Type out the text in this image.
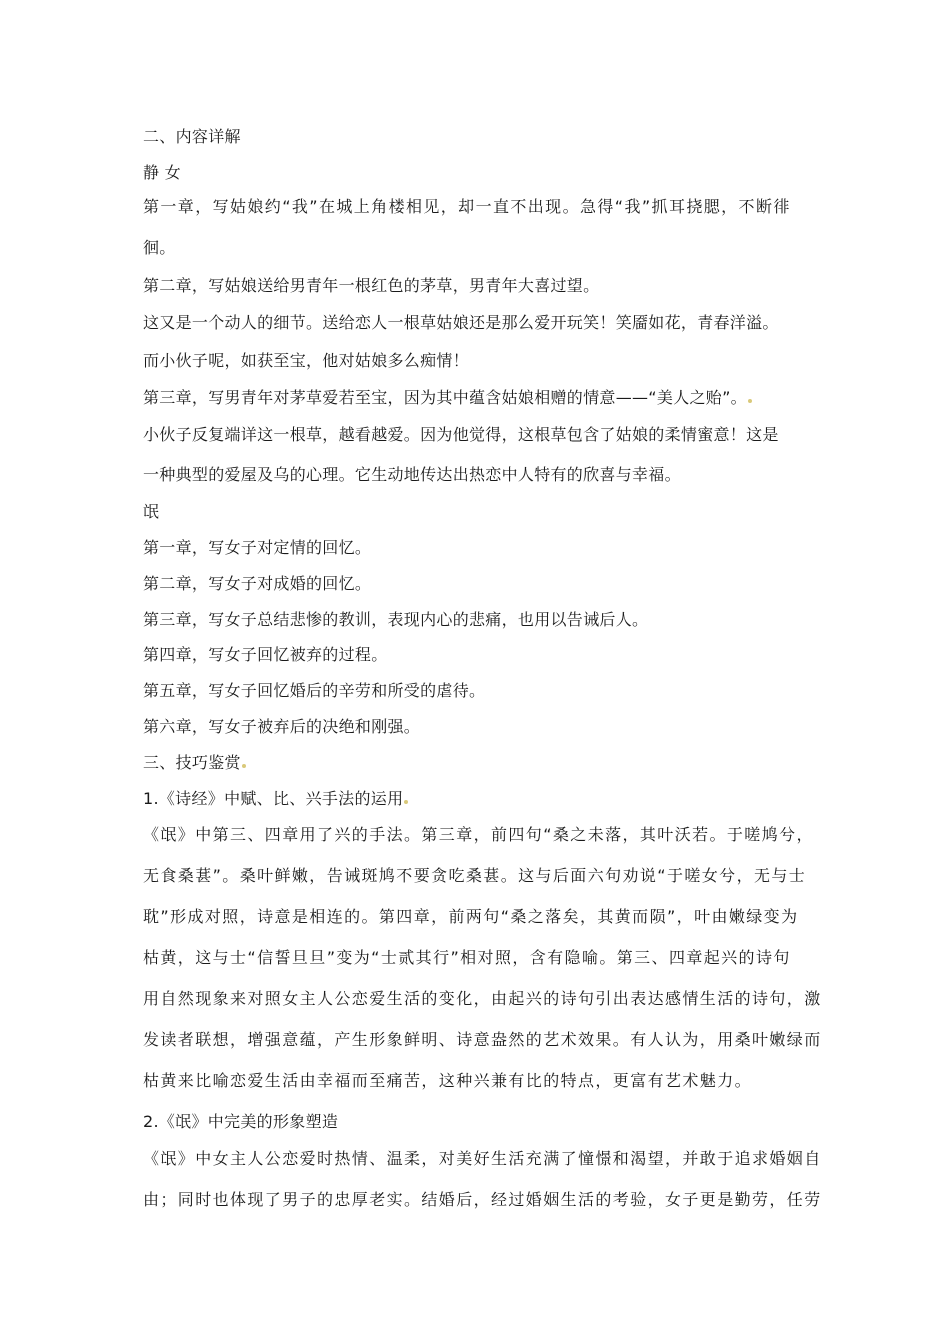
二、内容详解
静 女
第一章，写姑娘约“我”在城上角楼相见，却一直不出现。急得“我”抓耳挠腮，不断徘
徊。
第二章，写姑娘送给男青年一根红色的茅草，男青年大喜过望。
这又是一个动人的细节。送给恋人一根草姑娘还是那么爱开玩笑！笑靥如花，青春洋溢。
而小伙子呢，如获至宝，他对姑娘多么痴情！
第三章，写男青年对茅草爱若至宝，因为其中蕴含姑娘相赠的情意——“美人之贻”。
小伙子反复端详这一根草，越看越爱。因为他觉得，这根草包含了姑娘的柔情蜜意！这是
一种典型的爱屋及乌的心理。它生动地传达出热恋中人特有的欣喜与幸福。
氓
第一章，写女子对定情的回忆。
第二章，写女子对成婚的回忆。
第三章，写女子总结悲惨的教训，表现内心的悲痛，也用以告诫后人。
第四章，写女子回忆被弃的过程。
第五章，写女子回忆婚后的辛劳和所受的虐待。
第六章，写女子被弃后的决绝和刚强。
三、技巧鉴赏
1.《诗经》中赋、比、兴手法的运用
《氓》中第三、四章用了兴的手法。第三章，前四句“桑之未落，其叶沃若。于嗟鸠兮，
无食桑葚”。桑叶鲜嫩，告诫斑鸠不要贪吃桑葚。这与后面六句劝说“于嗟女兮，无与士
耽”形成对照，诗意是相连的。第四章，前两句“桑之落矣，其黄而陨”，叶由嫩绿变为
枯黄，这与士“信誓旦旦”变为“士贰其行”相对照，含有隐喻。第三、四章起兴的诗句
用自然现象来对照女主人公恋爱生活的变化，由起兴的诗句引出表达感情生活的诗句，激
发读者联想，增强意蕴，产生形象鲜明、诗意盎然的艺术效果。有人认为，用桑叶嫩绿而
枯黄来比喻恋爱生活由幸福而至痛苦，这种兴兼有比的特点，更富有艺术魅力。
2.《氓》中完美的形象塑造
《氓》中女主人公恋爱时热情、温柔，对美好生活充满了憧憬和渴望，并敢于追求婚姻自
由；同时也体现了男子的忠厚老实。结婚后，经过婚姻生活的考验，女子更是勤劳，任劳
